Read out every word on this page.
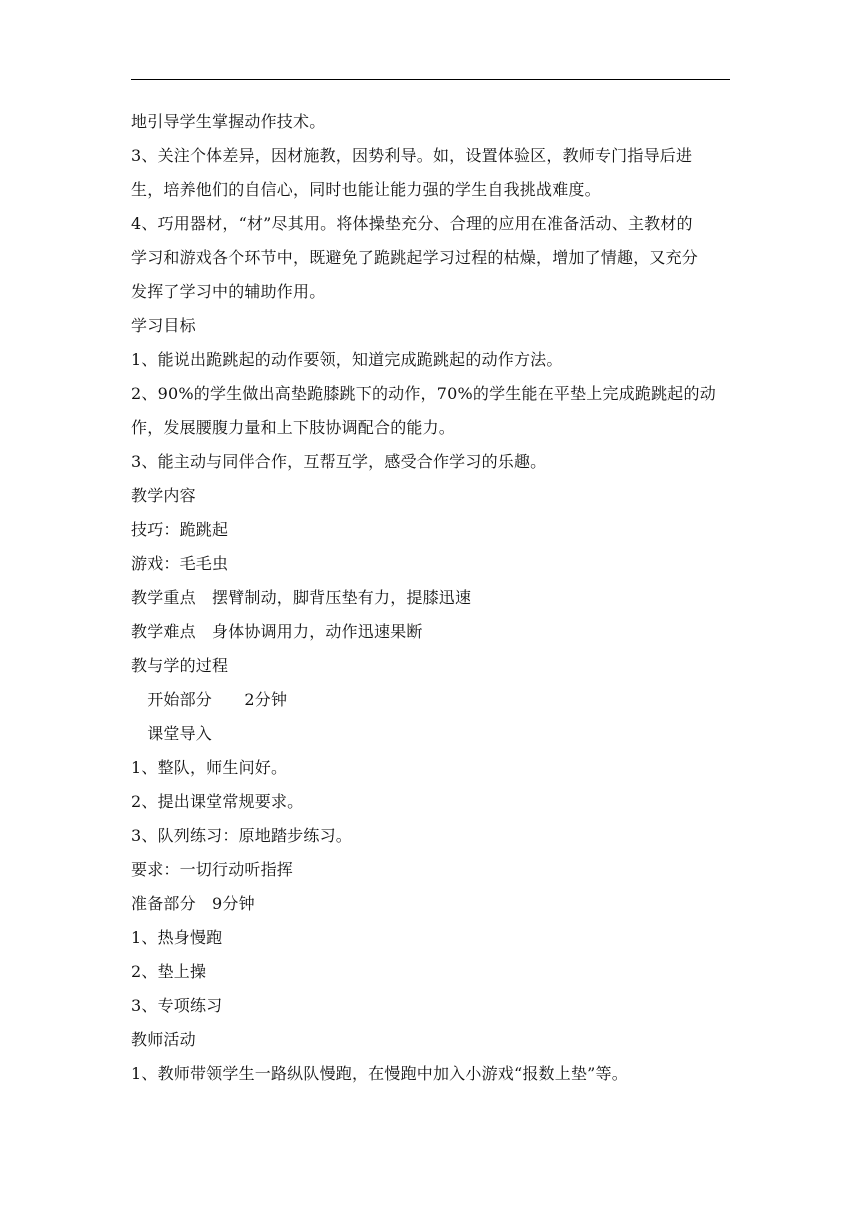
地引导学生掌握动作技术。
3、关注个体差异，因材施教，因势利导。如，设置体验区，教师专门指导后进
生，培养他们的自信心，同时也能让能力强的学生自我挑战难度。
4、巧用器材，“材”尽其用。将体操垫充分、合理的应用在准备活动、主教材的
学习和游戏各个环节中，既避免了跪跳起学习过程的枯燥，增加了情趣，又充分
发挥了学习中的辅助作用。
学习目标
1、能说出跪跳起的动作要领，知道完成跪跳起的动作方法。
2、90%的学生做出高垫跪膝跳下的动作，70%的学生能在平垫上完成跪跳起的动
作，发展腰腹力量和上下肢协调配合的能力。
3、能主动与同伴合作，互帮互学，感受合作学习的乐趣。
教学内容
技巧：跪跳起
游戏：毛毛虫
教学重点　摆臂制动，脚背压垫有力，提膝迅速
教学难点　身体协调用力，动作迅速果断
教与学的过程
　开始部分　　2分钟
　课堂导入
1、整队，师生问好。
2、提出课堂常规要求。
3、队列练习：原地踏步练习。
要求：一切行动听指挥
准备部分　9分钟
1、热身慢跑
2、垫上操
3、专项练习
教师活动
1、教师带领学生一路纵队慢跑，在慢跑中加入小游戏“报数上垫”等。
